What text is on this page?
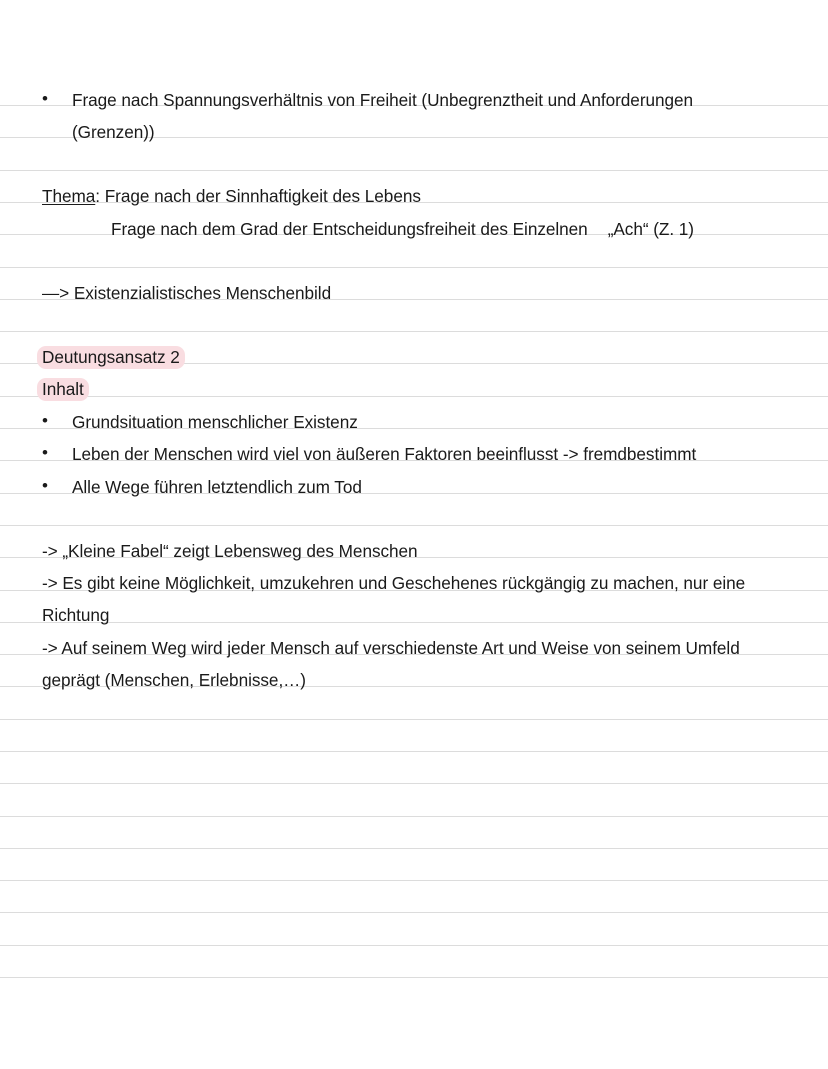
• Frage nach Spannungsverhältnis von Freiheit (Unbegrenztheit und Anforderungen
(Grenzen))
Thema: Frage nach der Sinnhaftigkeit des Lebens
Frage nach dem Grad der Entscheidungsfreiheit des Einzelnen „Ach“ (Z. 1)
—> Existenzialistisches Menschenbild
Deutungsansatz 2
Inhalt
• Grundsituation menschlicher Existenz
• Leben der Menschen wird viel von äußeren Faktoren beeinflusst -> fremdbestimmt
• Alle Wege führen letztendlich zum Tod
-> „Kleine Fabel“ zeigt Lebensweg des Menschen
-> Es gibt keine Möglichkeit, umzukehren und Geschehenes rückgängig zu machen, nur eine
Richtung
-> Auf seinem Weg wird jeder Mensch auf verschiedenste Art und Weise von seinem Umfeld
geprägt (Menschen, Erlebnisse,…)
